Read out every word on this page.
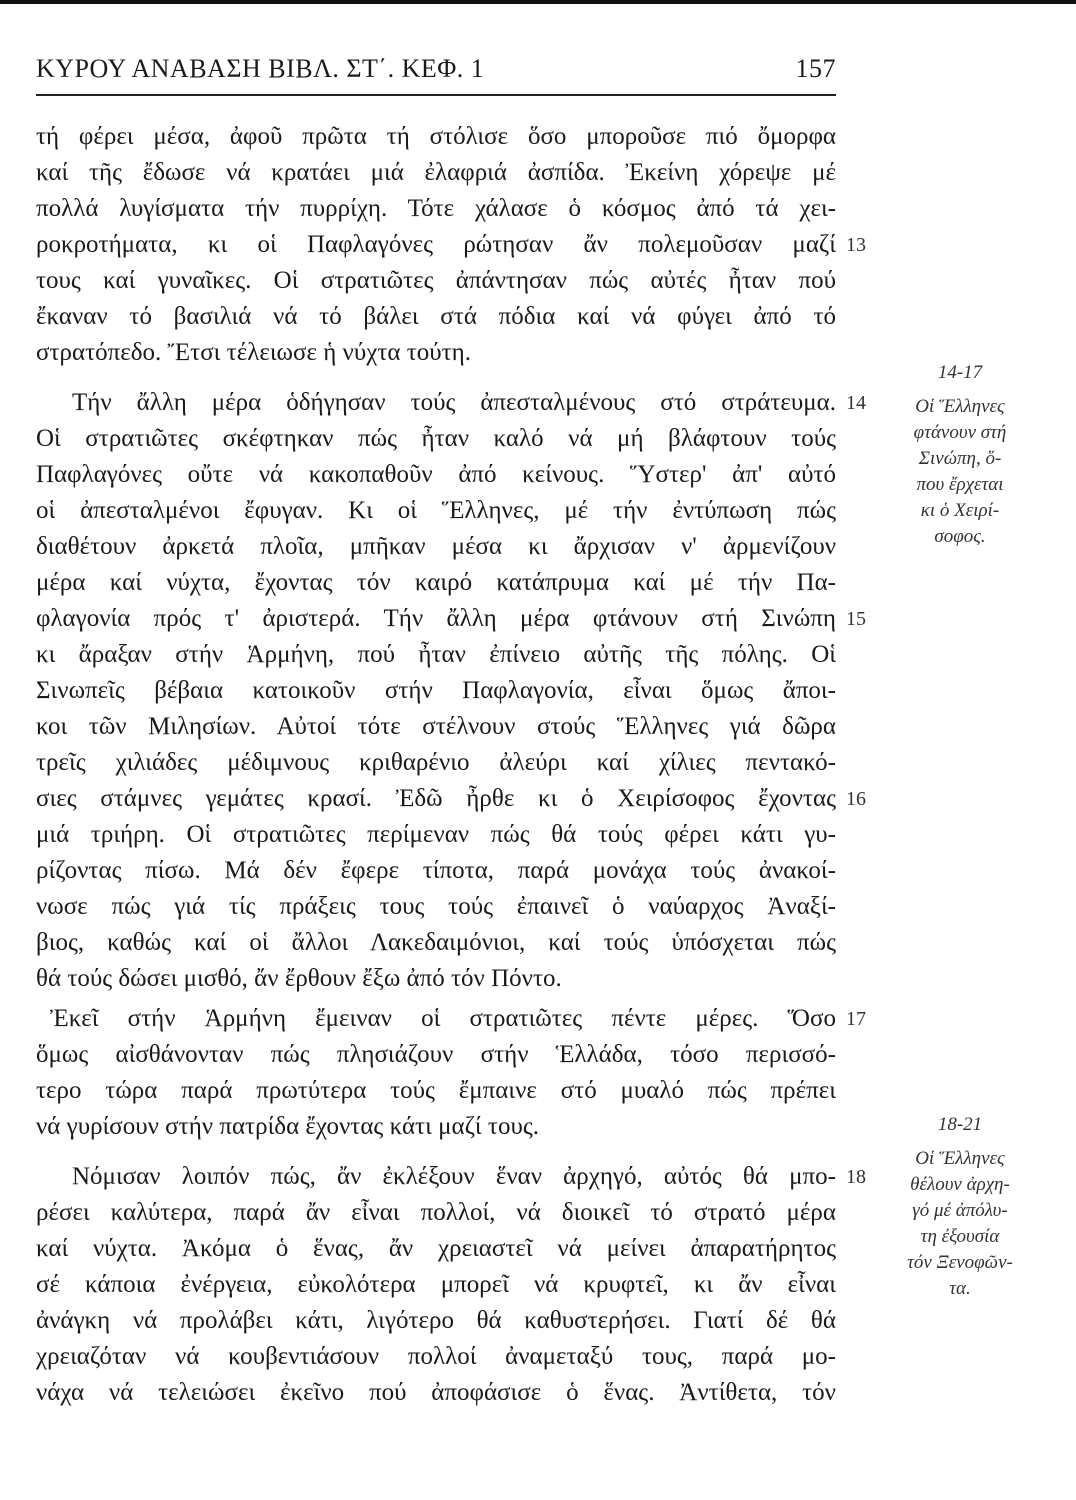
ΚΥΡΟΥ ΑΝΑΒΑΣΗ ΒΙΒΛ. ΣΤ΄. ΚΕΦ. 1	157
τή φέρει μέσα, ἀφοῦ πρῶτα τή στόλισε ὅσο μποροῦσε πιό ὄμορφα
καί τῆς ἔδωσε νά κρατάει μιά ἐλαφριά ἀσπίδα. Ἐκείνη χόρεψε μέ
πολλά λυγίσματα τήν πυρρίχη. Τότε χάλασε ὁ κόσμος ἀπό τά χει-
ροκροτήματα, κι οἱ Παφλαγόνες ρώτησαν ἄν πολεμοῦσαν μαζί
τους καί γυναῖκες. Οἱ στρατιῶτες ἀπάντησαν πώς αὐτές ἦταν πού
ἔκαναν τό βασιλιά νά τό βάλει στά πόδια καί νά φύγει ἀπό τό
στρατόπεδο. Ἔτσι τέλειωσε ἡ νύχτα τούτη.
Τήν ἄλλη μέρα ὁδήγησαν τούς ἀπεσταλμένους στό στράτευμα.
Οἱ στρατιῶτες σκέφτηκαν πώς ἦταν καλό νά μή βλάφτουν τούς
Παφλαγόνες οὔτε νά κακοπαθοῦν ἀπό κείνους. Ὕστερ' ἀπ' αὐτό
οἱ ἀπεσταλμένοι ἔφυγαν. Κι οἱ Ἕλληνες, μέ τήν ἐντύπωση πώς
διαθέτουν ἀρκετά πλοῖα, μπῆκαν μέσα κι ἄρχισαν ν' ἀρμενίζουν
μέρα καί νύχτα, ἔχοντας τόν καιρό κατάπρυμα καί μέ τήν Πα-
φλαγονία πρός τ' ἀριστερά. Τήν ἄλλη μέρα φτάνουν στή Σινώπη
κι ἄραξαν στήν Ἁρμήνη, πού ἦταν ἐπίνειο αὐτῆς τῆς πόλης. Οἱ
Σινωπεῖς βέβαια κατοικοῦν στήν Παφλαγονία, εἶναι ὅμως ἄποι-
κοι τῶν Μιλησίων. Αὐτοί τότε στέλνουν στούς Ἕλληνες γιά δῶρα
τρεῖς χιλιάδες μέδιμνους κριθαρένιο ἀλεύρι καί χίλιες πεντακό-
σιες στάμνες γεμάτες κρασί. Ἐδῶ ἦρθε κι ὁ Χειρίσοφος ἔχοντας
μιά τριήρη. Οἱ στρατιῶτες περίμεναν πώς θά τούς φέρει κάτι γυ-
ρίζοντας πίσω. Μά δέν ἔφερε τίποτα, παρά μονάχα τούς ἀνακοί-
νωσε πώς γιά τίς πράξεις τους τούς ἐπαινεῖ ὁ ναύαρχος Ἀναξί-
βιος, καθώς καί οἱ ἄλλοι Λακεδαιμόνιοι, καί τούς ὑπόσχεται πώς
θά τούς δώσει μισθό, ἄν ἔρθουν ἔξω ἀπό τόν Πόντο.
Ἐκεῖ στήν Ἁρμήνη ἔμειναν οἱ στρατιῶτες πέντε μέρες. Ὅσο
ὅμως αἰσθάνονταν πώς πλησιάζουν στήν Ἑλλάδα, τόσο περισσό-
τερο τώρα παρά πρωτύτερα τούς ἔμπαινε στό μυαλό πώς πρέπει
νά γυρίσουν στήν πατρίδα ἔχοντας κάτι μαζί τους.
Νόμισαν λοιπόν πώς, ἄν ἐκλέξουν ἕναν ἀρχηγό, αὐτός θά μπο-
ρέσει καλύτερα, παρά ἄν εἶναι πολλοί, νά διοικεῖ τό στρατό μέρα
καί νύχτα. Ἀκόμα ὁ ἕνας, ἄν χρειαστεῖ νά μείνει ἀπαρατήρητος
σέ κάποια ἐνέργεια, εὐκολότερα μπορεῖ νά κρυφτεῖ, κι ἄν εἶναι
ἀνάγκη νά προλάβει κάτι, λιγότερο θά καθυστερήσει. Γιατί δέ θά
χρειαζόταν νά κουβεντιάσουν πολλοί ἀναμεταξύ τους, παρά μο-
νάχα νά τελειώσει ἐκεῖνο πού ἀποφάσισε ὁ ἕνας. Ἀντίθετα, τόν
13
14
15
16
17
18
14-17
Οἱ Ἕλληνες
φτάνουν στή
Σινώπη, ὅ-
που ἔρχεται
κι ὁ Χειρί-
σοφος.
18-21
Οἱ Ἕλληνες
θέλουν ἀρχη-
γό μέ ἀπόλυ-
τη ἐξουσία
τόν Ξενοφῶν-
τα.
